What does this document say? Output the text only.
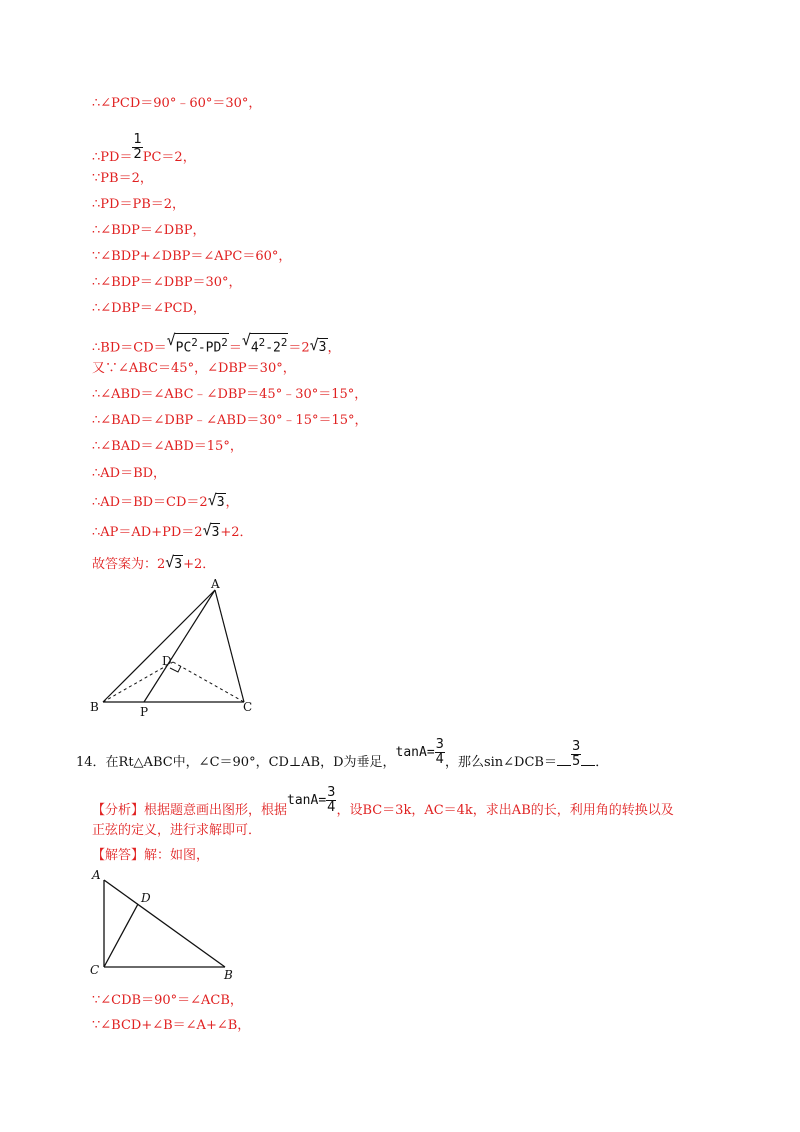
∴∠PCD＝90°﹣60°＝30°，
∴PD＝ $\frac{1}{2} PC=2$，
∵PB＝2，
∴PD＝PB＝2，
∴∠BDP＝∠DBP，
∵∠BDP+∠DBP＝∠APC＝60°，
∴∠BDP＝∠DBP＝30°，
∴∠DBP＝∠PCD，
∴BD＝CD＝ √ $PC^2-PD^2=$ √ $4^2-2^2=2$ √ 3，
又∵∠ABC＝45°，∠DBP＝30°，
∴∠ABD＝∠ABC﹣∠DBP＝45°﹣30°＝15°，
∴∠BAD＝∠DBP﹣∠ABD＝30°﹣15°＝15°，
∴∠BAD＝∠ABD＝15°，
∴AD＝BD，
∴AD＝BD＝CD＝2 √ 3，
∴AP＝AD+PD＝2 √ 3+2．
故答案为：2 √ 3+2．
A
B	C
D
P
14．在Rt△ABC中，∠C＝90°，CD⊥AB，D为垂足，$\tan A= \frac{3}{4}$ ，那么sin∠DCB＝ $\frac{3}{5}$ ．
【分析】根据题意画出图形，根据$\tan A= \frac{3}{4}$ ，设BC＝3k，AC＝4k，求出AB的长，利用角的转换以及
正弦的定义，进行求解即可．
【解答】解：如图，
A
C	B
D
∵∠CDB＝90°＝∠ACB，
∵∠BCD+∠B＝∠A+∠B，
